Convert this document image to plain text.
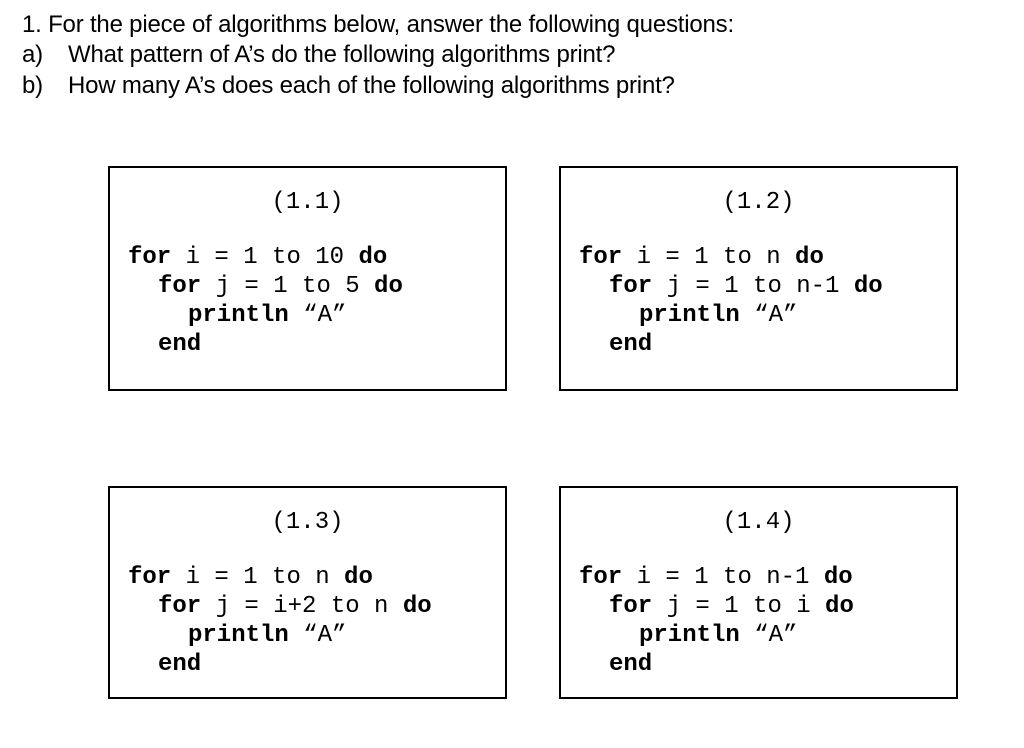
1. For the piece of algorithms below, answer the following questions:
a) What pattern of A’s do the following algorithms print?
b) How many A’s does each of the following algorithms print?
(1.1)
for i = 1 to 10 do
for j = 1 to 5 do
println “A”
end
(1.2)
for i = 1 to n do
for j = 1 to n-1 do
println “A”
end
(1.3)
for i = 1 to n do
for j = i+2 to n do
println “A”
end
(1.4)
for i = 1 to n-1 do
for j = 1 to i do
println “A”
end
